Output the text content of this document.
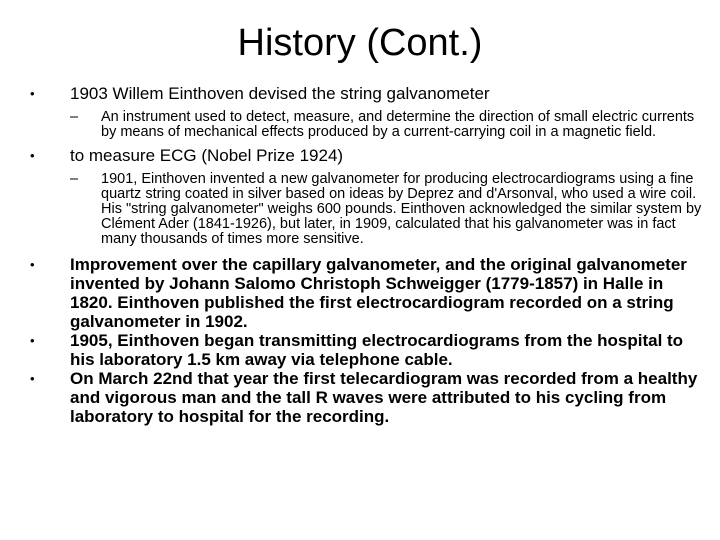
History (Cont.)
• 1903 Willem Einthoven devised the string galvanometer
– An instrument used to detect, measure, and determine the direction of small electric currents by means of mechanical effects produced by a current-carrying coil in a magnetic field.
• to measure ECG (Nobel Prize 1924)
– 1901, Einthoven invented a new galvanometer for producing electrocardiograms using a fine quartz string coated in silver based on ideas by Deprez and d'Arsonval, who used a wire coil. His "string galvanometer" weighs 600 pounds. Einthoven acknowledged the similar system by Clément Ader (1841-1926), but later, in 1909, calculated that his galvanometer was in fact many thousands of times more sensitive.
• Improvement over the capillary galvanometer, and the original galvanometer invented by Johann Salomo Christoph Schweigger (1779-1857) in Halle in 1820. Einthoven published the first electrocardiogram recorded on a string galvanometer in 1902.
• 1905, Einthoven began transmitting electrocardiograms from the hospital to his laboratory 1.5 km away via telephone cable.
• On March 22nd that year the first telecardiogram was recorded from a healthy and vigorous man and the tall R waves were attributed to his cycling from laboratory to hospital for the recording.
